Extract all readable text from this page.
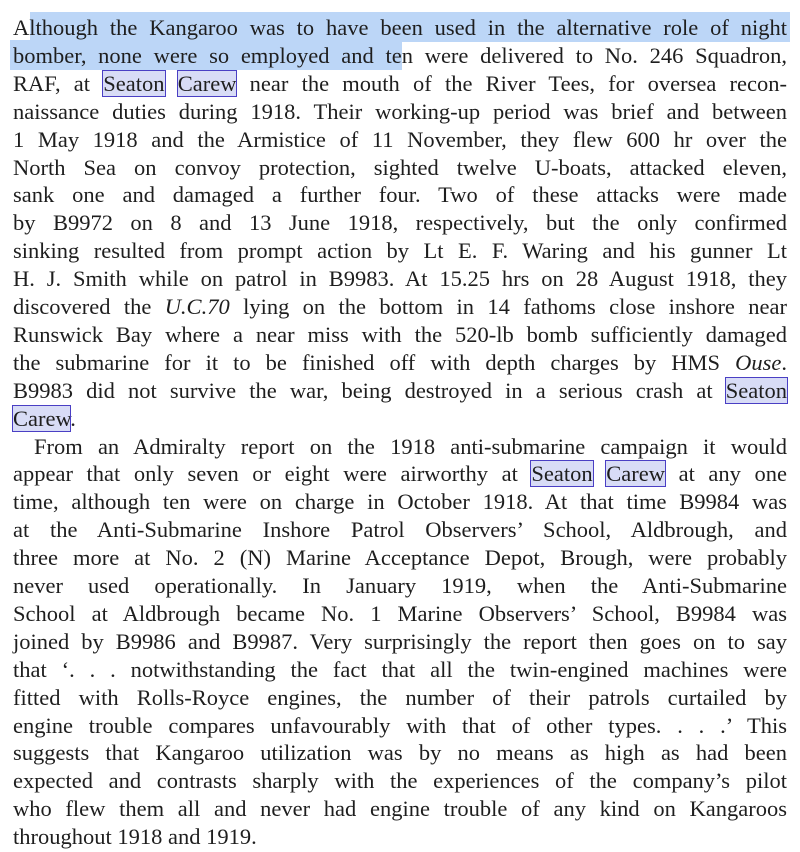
Although the Kangaroo was to have been used in the alternative role of night
bomber, none were so employed and ten were delivered to No. 246 Squadron,
RAF, at Seaton Carew near the mouth of the River Tees, for oversea recon-
naissance duties during 1918. Their working-up period was brief and between
1 May 1918 and the Armistice of 11 November, they flew 600 hr over the
North Sea on convoy protection, sighted twelve U-boats, attacked eleven,
sank one and damaged a further four. Two of these attacks were made
by B9972 on 8 and 13 June 1918, respectively, but the only confirmed
sinking resulted from prompt action by Lt E. F. Waring and his gunner Lt
H. J. Smith while on patrol in B9983. At 15.25 hrs on 28 August 1918, they
discovered the U.C.70 lying on the bottom in 14 fathoms close inshore near
Runswick Bay where a near miss with the 520-lb bomb sufficiently damaged
the submarine for it to be finished off with depth charges by HMS Ouse.
B9983 did not survive the war, being destroyed in a serious crash at Seaton
Carew.
From an Admiralty report on the 1918 anti-submarine campaign it would
appear that only seven or eight were airworthy at Seaton Carew at any one
time, although ten were on charge in October 1918. At that time B9984 was
at the Anti-Submarine Inshore Patrol Observers’ School, Aldbrough, and
three more at No. 2 (N) Marine Acceptance Depot, Brough, were probably
never used operationally. In January 1919, when the Anti-Submarine
School at Aldbrough became No. 1 Marine Observers’ School, B9984 was
joined by B9986 and B9987. Very surprisingly the report then goes on to say
that ‘. . . notwithstanding the fact that all the twin-engined machines were
fitted with Rolls-Royce engines, the number of their patrols curtailed by
engine trouble compares unfavourably with that of other types. . . .’ This
suggests that Kangaroo utilization was by no means as high as had been
expected and contrasts sharply with the experiences of the company’s pilot
who flew them all and never had engine trouble of any kind on Kangaroos
throughout 1918 and 1919.
